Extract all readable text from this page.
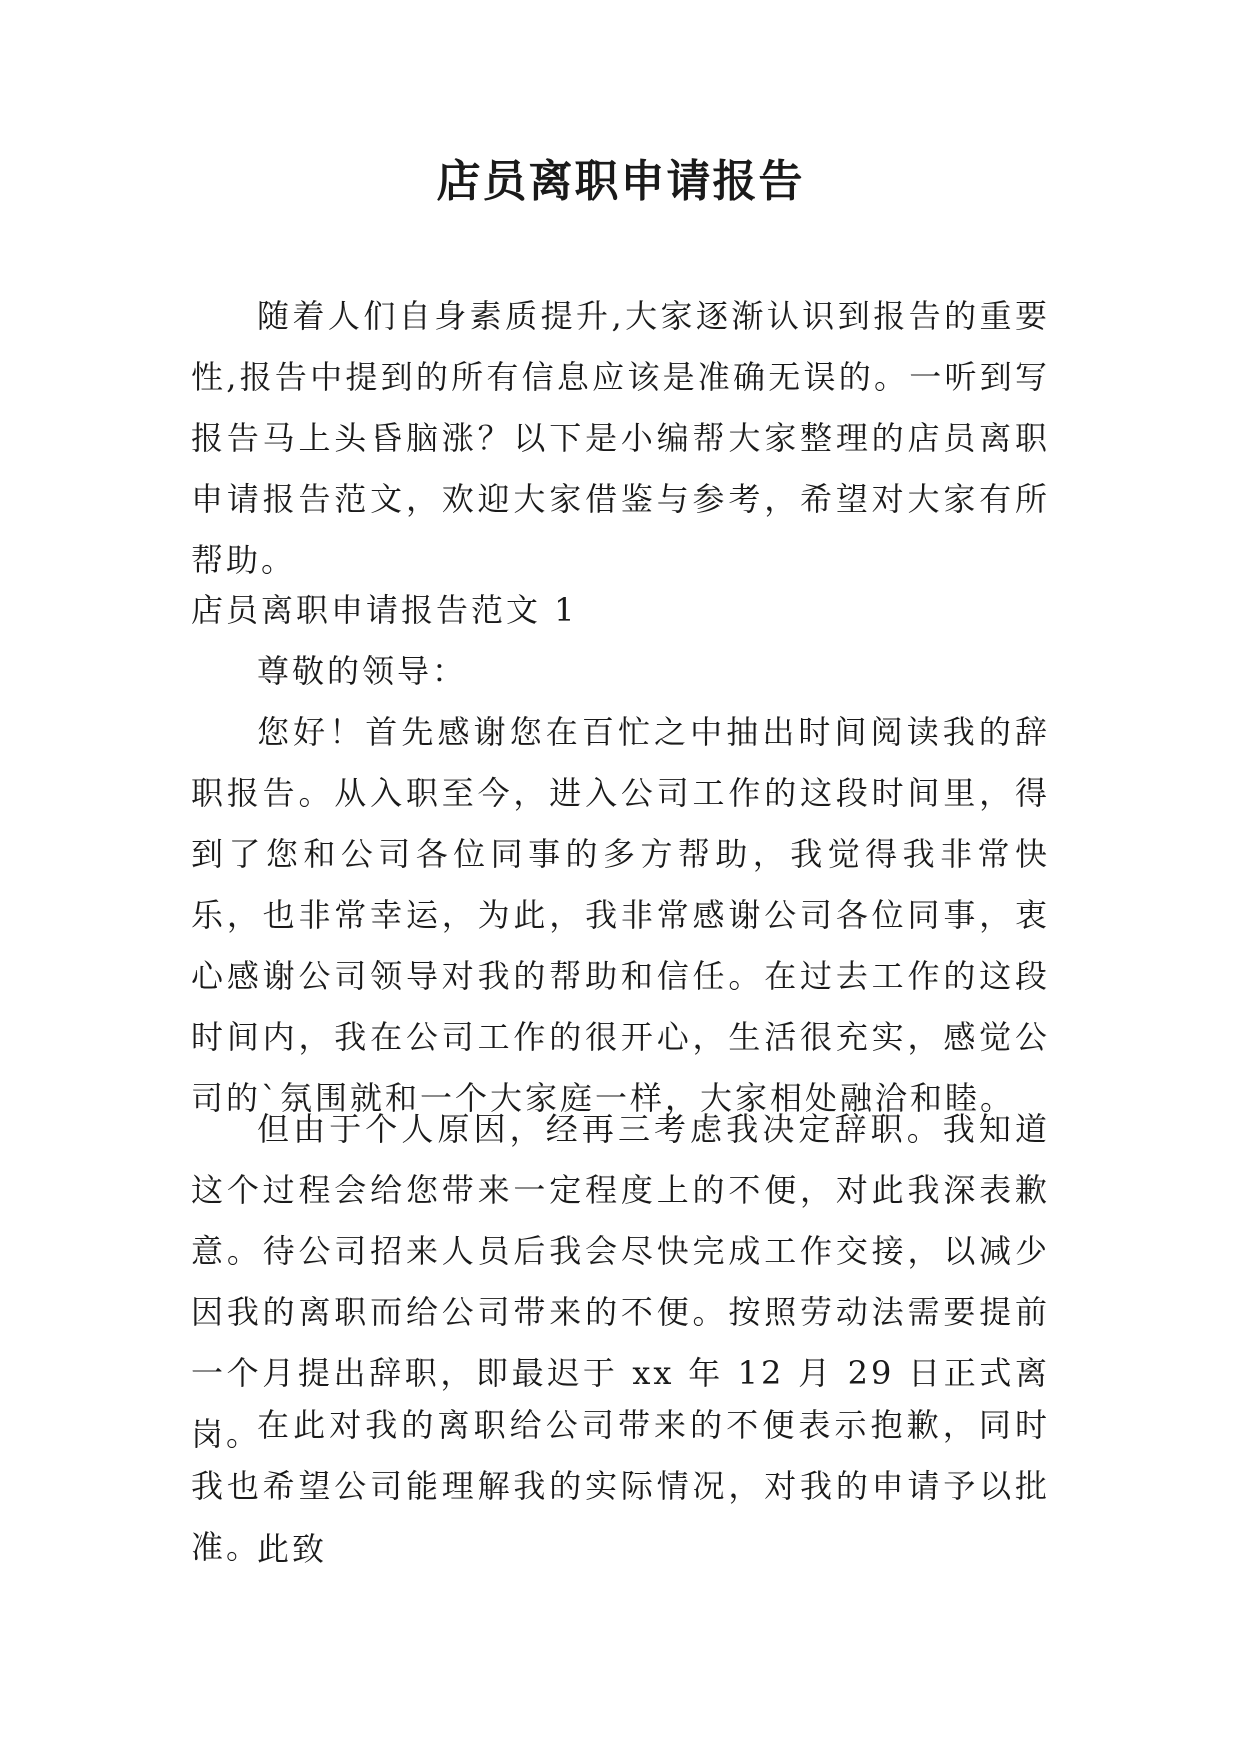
店员离职申请报告

随着人们自身素质提升,大家逐渐认识到报告的重要性,报告中提到的所有信息应该是准确无误的。一听到写报告马上头昏脑涨？以下是小编帮大家整理的店员离职申请报告范文，欢迎大家借鉴与参考，希望对大家有所帮助。

店员离职申请报告范文 1

尊敬的领导：

您好！首先感谢您在百忙之中抽出时间阅读我的辞职报告。从入职至今，进入公司工作的这段时间里，得到了您和公司各位同事的多方帮助，我觉得我非常快乐，也非常幸运，为此，我非常感谢公司各位同事，衷心感谢公司领导对我的帮助和信任。在过去工作的这段时间内，我在公司工作的很开心，生活很充实，感觉公司的`氛围就和一个大家庭一样，大家相处融洽和睦。

但由于个人原因，经再三考虑我决定辞职。我知道这个过程会给您带来一定程度上的不便，对此我深表歉意。待公司招来人员后我会尽快完成工作交接，以减少因我的离职而给公司带来的不便。按照劳动法需要提前一个月提出辞职，即最迟于 xx 年 12 月 29 日正式离岗。

在此对我的离职给公司带来的不便表示抱歉，同时我也希望公司能理解我的实际情况，对我的申请予以批准。

此致
